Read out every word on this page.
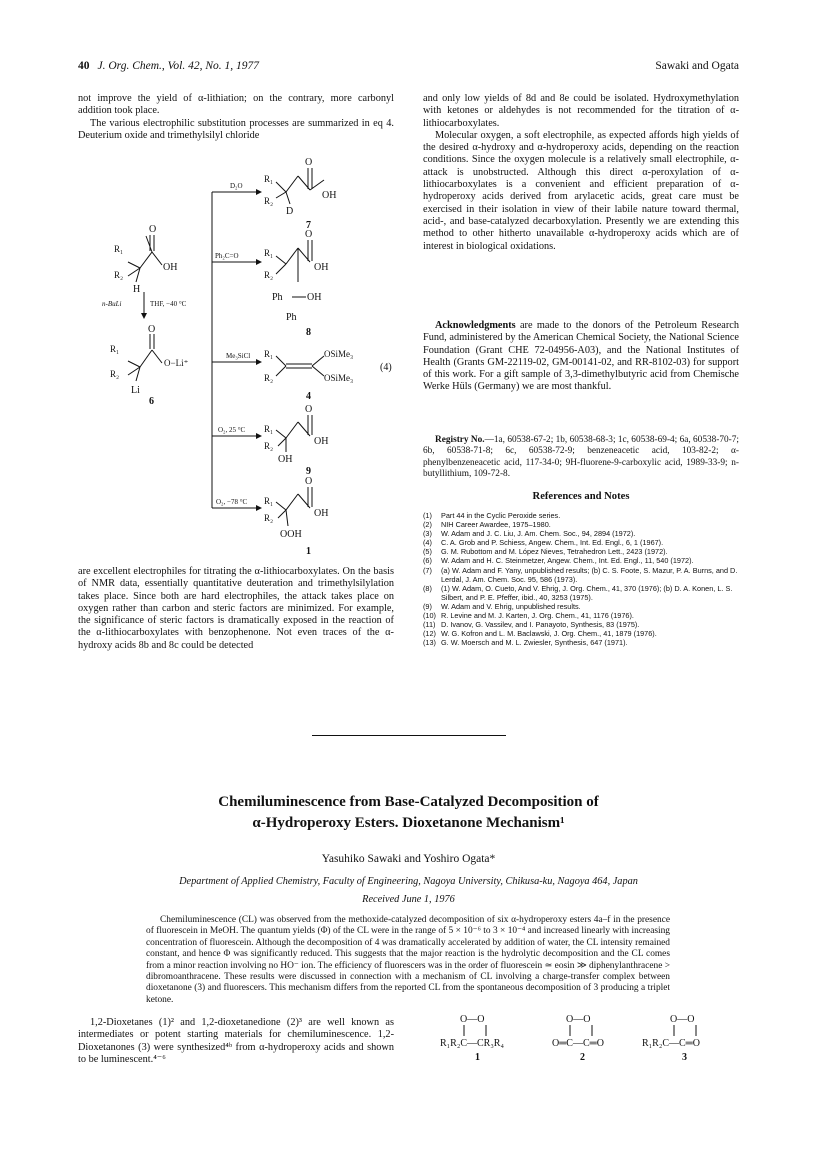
40 J. Org. Chem., Vol. 42, No. 1, 1977	Sawaki and Ogata

not improve the yield of α-lithiation; on the contrary, more carbonyl addition took place.

The various electrophilic substitution processes are summarized in eq 4. Deuterium oxide and trimethylsilyl chloride

O
R₁
R₂
H
OH
n-BuLi	THF, −40 °C
O
R₁
R₂
Li
O−Li⁺
6
D₂O
Ph₂C=O
Me₃SiCl
O₂, 25 °C
O₂, −78 °C
O
R₁
R₂
D
OH
7
O
R₁
R₂
OH
Ph OH
Ph
8
R₁
R₂
OSiMe₃
OSiMe₃
4
(4)
O
R₁
R₂	OH
OH
9
O
R₁
R₂	OH
OOH
1

are excellent electrophiles for titrating the α-lithiocarboxylates. On the basis of NMR data, essentially quantitative deuteration and trimethylsilylation takes place. Since both are hard electrophiles, the attack takes place on oxygen rather than carbon and steric factors are minimized. For example, the significance of steric factors is dramatically exposed in the reaction of the α-lithiocarboxylates with benzophenone. Not even traces of the α-hydroxy acids 8b and 8c could be detected

and only low yields of 8d and 8e could be isolated. Hydroxymethylation with ketones or aldehydes is not recommended for the titration of α-lithiocarboxylates.

Molecular oxygen, a soft electrophile, as expected affords high yields of the desired α-hydroxy and α-hydroperoxy acids, depending on the reaction conditions. Since the oxygen molecule is a relatively small electrophile, α-attack is unobstructed. Although this direct α-peroxylation of α-lithiocarboxylates is a convenient and efficient preparation of α-hydroperoxy acids derived from arylacetic acids, great care must be exercised in their isolation in view of their labile nature toward thermal, acid-, and base-catalyzed decarboxylation. Presently we are extending this method to other hitherto unavailable α-hydroperoxy acids which are of interest in biological oxidations.

Acknowledgments are made to the donors of the Petroleum Research Fund, administered by the American Chemical Society, the National Science Foundation (Grant CHE 72-04956-A03), and the National Institutes of Health (Grants GM-22119-02, GM-00141-02, and RR-8102-03) for support of this work. For a gift sample of 3,3-dimethylbutyric acid from Chemische Werke Hüls (Germany) we are most thankful.

Registry No.—1a, 60538-67-2; 1b, 60538-68-3; 1c, 60538-69-4; 6a, 60538-70-7; 6b, 60538-71-8; 6c, 60538-72-9; benzeneacetic acid, 103-82-2; α-phenylbenzeneacetic acid, 117-34-0; 9H-fluorene-9-carboxylic acid, 1989-33-9; n-butyllithium, 109-72-8.

References and Notes
(1)	Part 44 in the Cyclic Peroxide series.
(2)	NIH Career Awardee, 1975–1980.
(3)	W. Adam and J. C. Liu, J. Am. Chem. Soc., 94, 2894 (1972).
(4)	C. A. Grob and P. Schiess, Angew. Chem., Int. Ed. Engl., 6, 1 (1967).
(5)	G. M. Rubottom and M. López Nieves, Tetrahedron Lett., 2423 (1972).
(6)	W. Adam and H. C. Steinmetzer, Angew. Chem., Int. Ed. Engl., 11, 540 (1972).
(7)	(a) W. Adam and F. Yany, unpublished results; (b) C. S. Foote, S. Mazur, P. A. Burns, and D. Lerdal, J. Am. Chem. Soc. 95, 586 (1973).
(8)	(1) W. Adam, O. Cueto, And V. Ehrig, J. Org. Chem., 41, 370 (1976); (b) D. A. Konen, L. S. Silbert, and P. E. Pfeffer, ibid., 40, 3253 (1975).
(9)	W. Adam and V. Ehrig, unpublished results.
(10) R. Levine and M. J. Karten, J. Org. Chem., 41, 1176 (1976).
(11) D. Ivanov, G. Vassilev, and I. Panayoto, Synthesis, 83 (1975).
(12) W. G. Kofron and L. M. Baclawski, J. Org. Chem., 41, 1879 (1976).
(13) G. W. Moersch and M. L. Zwiesler, Synthesis, 647 (1971).
Chemiluminescence from Base-Catalyzed Decomposition of
α-Hydroperoxy Esters. Dioxetanone Mechanism¹
Yasuhiko Sawaki and Yoshiro Ogata*
Department of Applied Chemistry, Faculty of Engineering, Nagoya University, Chikusa-ku, Nagoya 464, Japan
Received June 1, 1976
Chemiluminescence (CL) was observed from the methoxide-catalyzed decomposition of six α-hydroperoxy esters 4a–f in the presence of fluorescein in MeOH. The quantum yields (Φ) of the CL were in the range of 5 × 10⁻⁶ to 3 × 10⁻⁴ and increased linearly with increasing concentration of fluorescein. Although the decomposition of 4 was dramatically accelerated by addition of water, the CL intensity remained constant, and hence Φ was significantly reduced. This suggests that the major reaction is the hydrolytic decomposition and the CL comes from a minor reaction involving no HO⁻ ion. The efficiency of fluorescers was in the order of fluorescein ≃ eosin ≫ diphenylanthracene > dibromoanthracene. These results were discussed in connection with a mechanism of CL involving a charge-transfer complex between dioxetanone (3) and fluorescers. This mechanism differs from the reported CL from the spontaneous decomposition of 3 producing a triplet ketone.
1,2-Dioxetanes (1)² and 1,2-dioxetanedione (2)³ are well known as intermediates or potent starting materials for chemiluminescence. 1,2-Dioxetanones (3) were synthesized⁴ᵇ from α-hydroperoxy acids and shown to be luminescent.⁴⁻⁶
O—O
R₁R₂C—CR₃R₄
1
O—O
O═C—C═O
2
O—O
R₁R₂C—C═O
3
